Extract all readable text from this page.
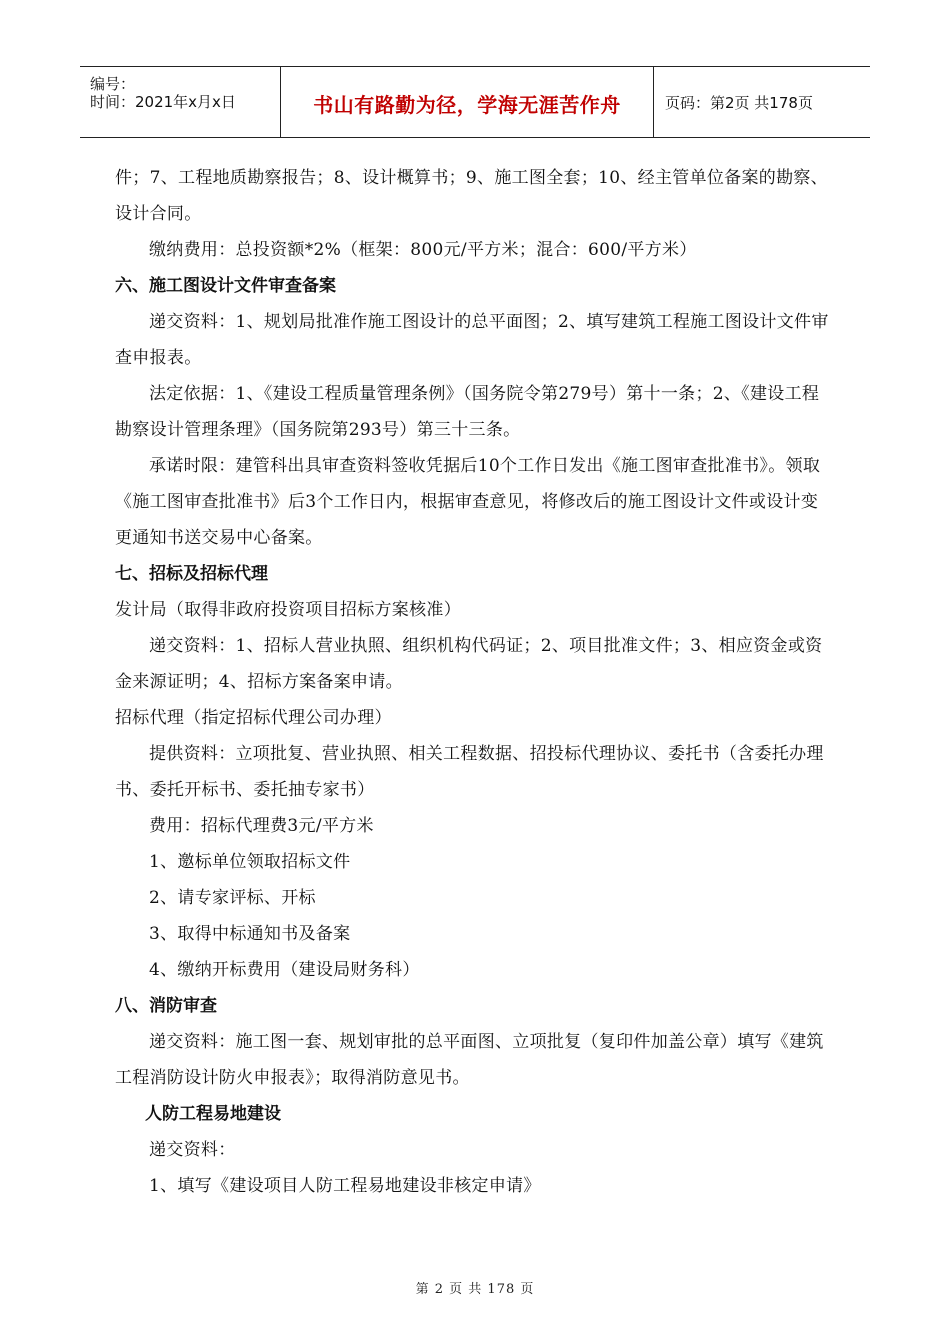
编号：
时间：2021年x月x日	书山有路勤为径，学海无涯苦作舟	页码：第2页 共178页

件；7、工程地质勘察报告；8、设计概算书；9、施工图全套；10、经主管单位备案的勘察、设计合同。

缴纳费用：总投资额*2%（框架：800元/平方米；混合：600/平方米）

六、施工图设计文件审查备案

递交资料：1、规划局批准作施工图设计的总平面图；2、填写建筑工程施工图设计文件审查申报表。

法定依据：1、《建设工程质量管理条例》（国务院令第279号）第十一条；2、《建设工程勘察设计管理条理》（国务院第293号）第三十三条。

承诺时限：建管科出具审查资料签收凭据后10个工作日发出《施工图审查批准书》。领取《施工图审查批准书》后3个工作日内，根据审查意见，将修改后的施工图设计文件或设计变更通知书送交易中心备案。

七、招标及招标代理

发计局（取得非政府投资项目招标方案核准）

递交资料：1、招标人营业执照、组织机构代码证；2、项目批准文件；3、相应资金或资金来源证明；4、招标方案备案申请。

招标代理（指定招标代理公司办理）

提供资料：立项批复、营业执照、相关工程数据、招投标代理协议、委托书（含委托办理书、委托开标书、委托抽专家书）

费用：招标代理费3元/平方米

1、邀标单位领取招标文件

2、请专家评标、开标

3、取得中标通知书及备案

4、缴纳开标费用（建设局财务科）

八、消防审查

递交资料：施工图一套、规划审批的总平面图、立项批复（复印件加盖公章）填写《建筑工程消防设计防火申报表》；取得消防意见书。

人防工程易地建设

递交资料：

1、填写《建设项目人防工程易地建设非核定申请》

第 2 页 共 178 页
